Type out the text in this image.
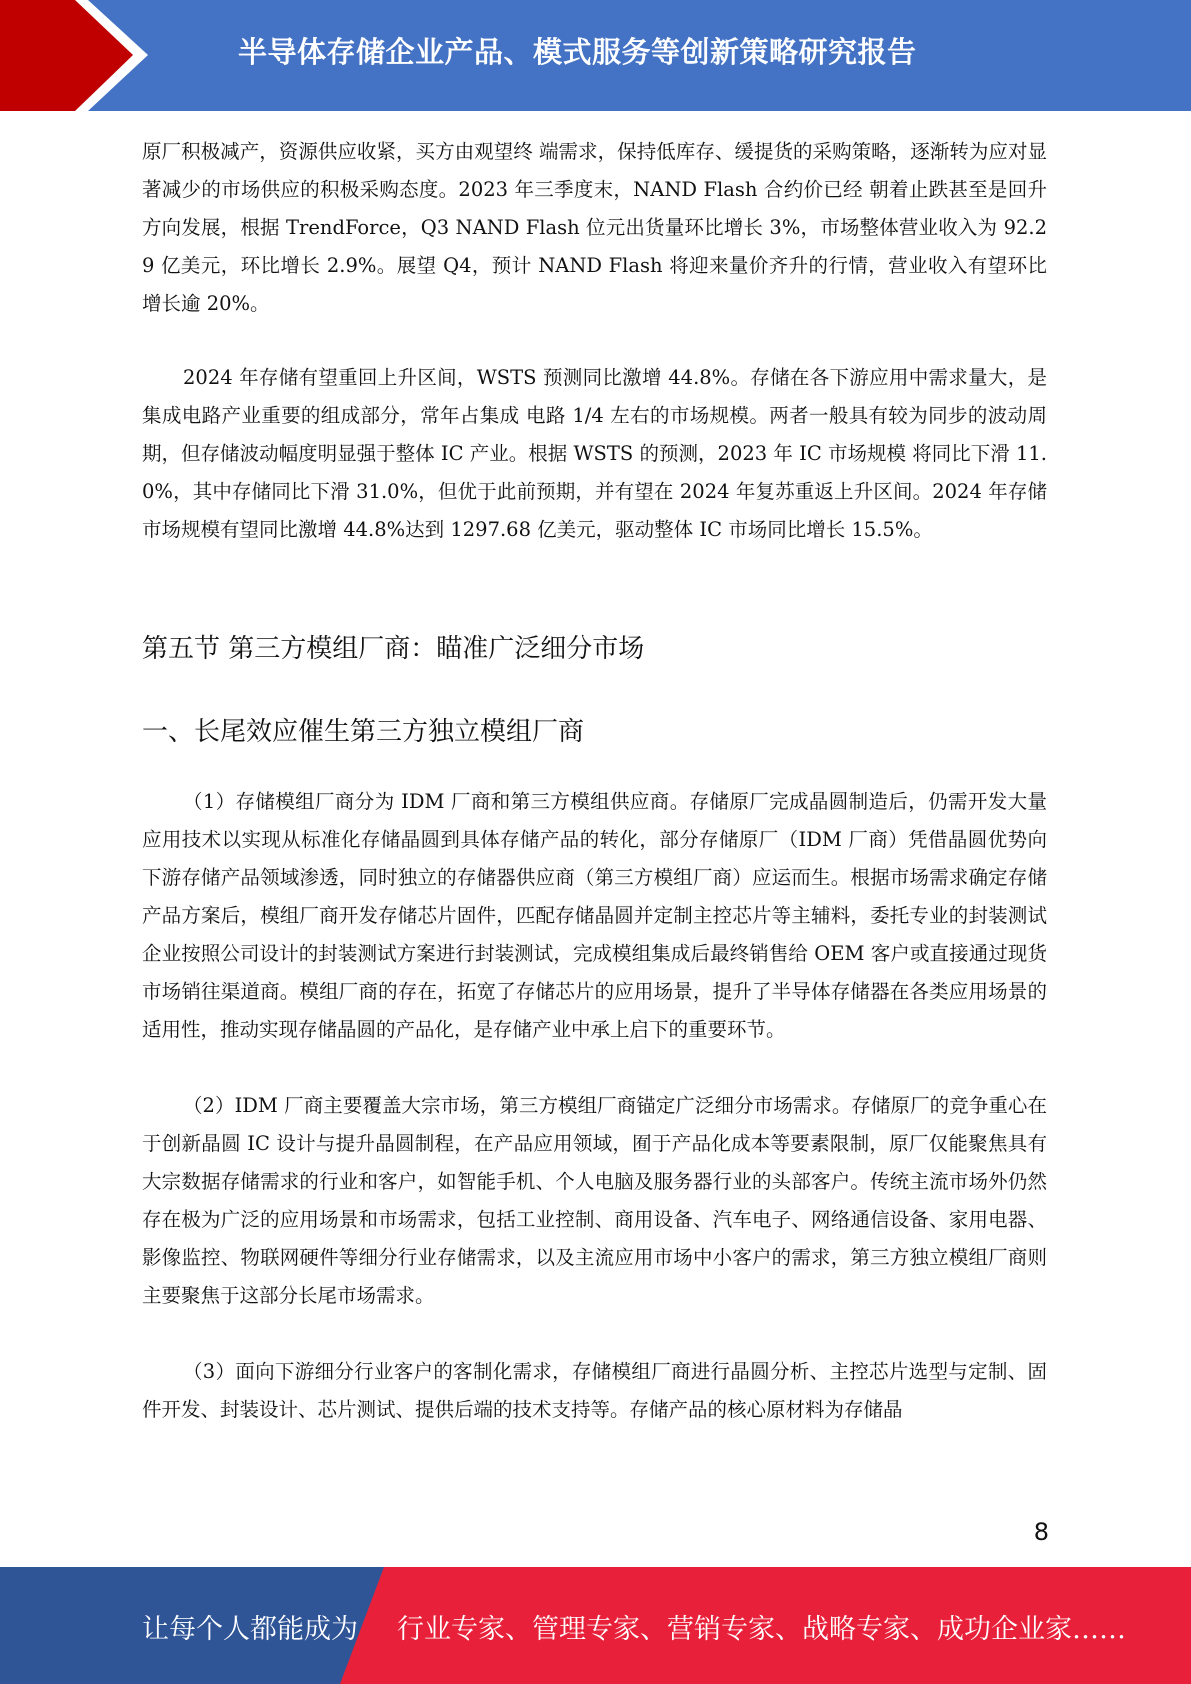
半导体存储企业产品、模式服务等创新策略研究报告

原厂积极减产，资源供应收紧，买方由观望终 端需求，保持低库存、缓提货的采购策略，逐渐转为应对显著减少的市场供应的积极采购态度。2023 年三季度末，NAND Flash 合约价已经 朝着止跌甚至是回升方向发展，根据 TrendForce，Q3 NAND Flash 位元出货量环比增长 3%，市场整体营业收入为 92.29 亿美元，环比增长 2.9%。展望 Q4，预计 NAND Flash 将迎来量价齐升的行情，营业收入有望环比增长逾 20%。

2024 年存储有望重回上升区间，WSTS 预测同比激增 44.8%。存储在各下游应用中需求量大，是集成电路产业重要的组成部分，常年占集成 电路 1/4 左右的市场规模。两者一般具有较为同步的波动周期，但存储波动幅度明显强于整体 IC 产业。根据 WSTS 的预测，2023 年 IC 市场规模 将同比下滑 11.0%，其中存储同比下滑 31.0%，但优于此前预期，并有望在 2024 年复苏重返上升区间。2024 年存储市场规模有望同比激增 44.8%达到 1297.68 亿美元，驱动整体 IC 市场同比增长 15.5%。

第五节 第三方模组厂商：瞄准广泛细分市场
一、长尾效应催生第三方独立模组厂商

（1）存储模组厂商分为 IDM 厂商和第三方模组供应商。存储原厂完成晶圆制造后，仍需开发大量应用技术以实现从标准化存储晶圆到具体存储产品的转化，部分存储原厂（IDM 厂商）凭借晶圆优势向下游存储产品领域渗透，同时独立的存储器供应商（第三方模组厂商）应运而生。根据市场需求确定存储产品方案后，模组厂商开发存储芯片固件，匹配存储晶圆并定制主控芯片等主辅料，委托专业的封装测试企业按照公司设计的封装测试方案进行封装测试，完成模组集成后最终销售给 OEM 客户或直接通过现货市场销往渠道商。模组厂商的存在，拓宽了存储芯片的应用场景，提升了半导体存储器在各类应用场景的适用性，推动实现存储晶圆的产品化，是存储产业中承上启下的重要环节。

（2）IDM 厂商主要覆盖大宗市场，第三方模组厂商锚定广泛细分市场需求。存储原厂的竞争重心在于创新晶圆 IC 设计与提升晶圆制程，在产品应用领域，囿于产品化成本等要素限制，原厂仅能聚焦具有大宗数据存储需求的行业和客户，如智能手机、个人电脑及服务器行业的头部客户。传统主流市场外仍然存在极为广泛的应用场景和市场需求，包括工业控制、商用设备、汽车电子、网络通信设备、家用电器、影像监控、物联网硬件等细分行业存储需求，以及主流应用市场中小客户的需求，第三方独立模组厂商则主要聚焦于这部分长尾市场需求。

（3）面向下游细分行业客户的客制化需求，存储模组厂商进行晶圆分析、主控芯片选型与定制、固件开发、封装设计、芯片测试、提供后端的技术支持等。存储产品的核心原材料为存储晶

8
让每个人都能成为 行业专家、管理专家、营销专家、战略专家、成功企业家……
